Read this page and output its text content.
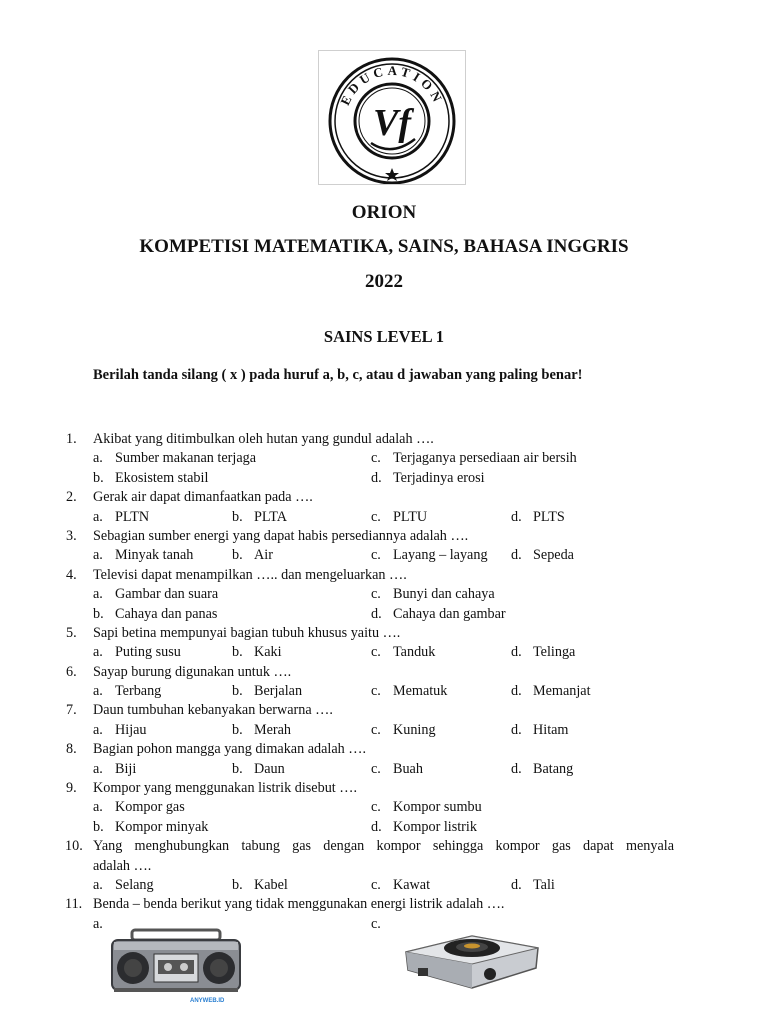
EDUCATION
Vf
ORION
KOMPETISI MATEMATIKA, SAINS, BAHASA INGGRIS
2022
SAINS LEVEL 1
Berilah tanda silang ( x ) pada huruf a, b, c, atau d jawaban yang paling benar!
1. Akibat yang ditimbulkan oleh hutan yang gundul adalah ….
a. Sumber makanan terjaga	c. Terjaganya persediaan air bersih
b. Ekosistem stabil	d. Terjadinya erosi
2. Gerak air dapat dimanfaatkan pada ….
a. PLTN	b. PLTA	c. PLTU	d. PLTS
3. Sebagian sumber energi yang dapat habis persediannya adalah ….
a. Minyak tanah	b. Air	c. Layang – layang d. Sepeda
4. Televisi dapat menampilkan ….. dan mengeluarkan ….
a. Gambar dan suara	c. Bunyi dan cahaya
b. Cahaya dan panas	d. Cahaya dan gambar
5. Sapi betina mempunyai bagian tubuh khusus yaitu ….
a. Puting susu	b. Kaki	c. Tanduk	d. Telinga
6. Sayap burung digunakan untuk ….
a. Terbang	b. Berjalan	c. Mematuk	d. Memanjat
7. Daun tumbuhan kebanyakan berwarna ….
a. Hijau	b. Merah	c. Kuning	d. Hitam
8. Bagian pohon mangga yang dimakan adalah ….
a. Biji	b. Daun	c. Buah	d. Batang
9. Kompor yang menggunakan listrik disebut ….
a. Kompor gas	c. Kompor sumbu
b. Kompor minyak	d. Kompor listrik
10. Yang menghubungkan tabung gas dengan kompor sehingga kompor gas dapat menyala
adalah ….
a. Selang	b. Kabel	c. Kawat	d. Tali
11. Benda – benda berikut yang tidak menggunakan energi listrik adalah ….
a.	c.
ANYWEB.ID
